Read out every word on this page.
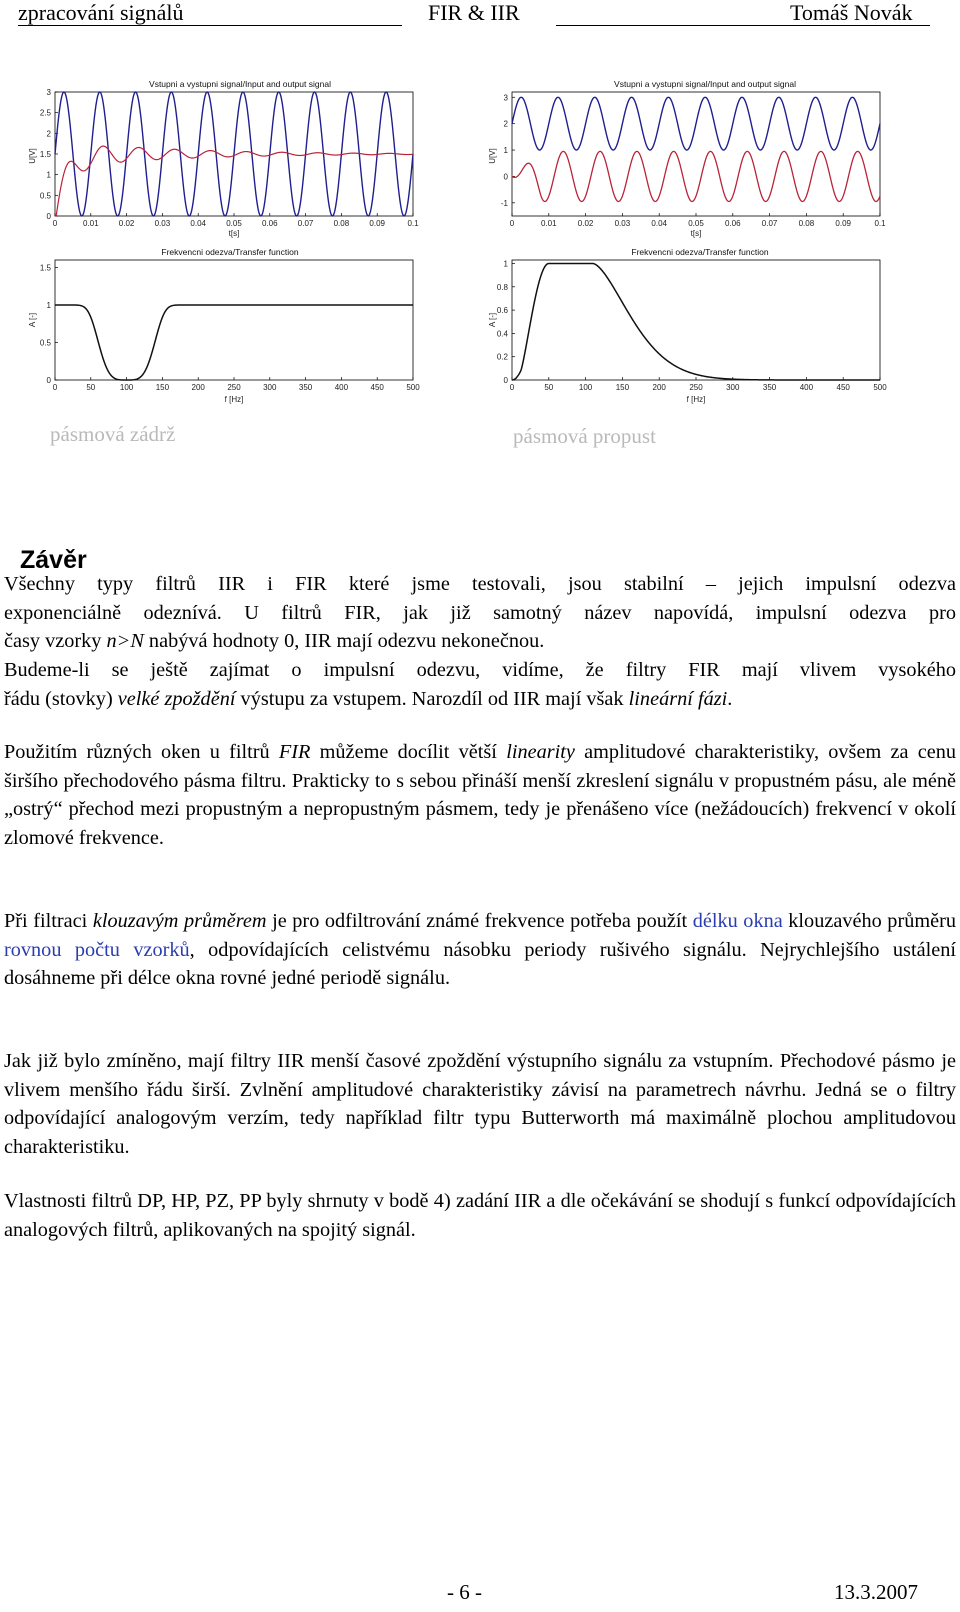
zpracování signálů	FIR & IIR	Tomáš Novák
Vstupni a vystupni signal/Input and output signal
0
0.5
1
1.5
2
2.5
3
0	0.01	0.02	0.03	0.04	0.05	0.06	0.07	0.08	0.09	0.1
U[V]
t[s]
Frekvencni odezva/Transfer function
0
0.5
1
1.5
0	50	100	150	200	250	300	350	400	450	500
A [-]
f [Hz]
pásmová zádrž
Vstupni a vystupni signal/Input and output signal
-1
0
1
2
3
0	0.01	0.02	0.03	0.04	0.05	0.06	0.07	0.08	0.09	0.1
U[V]
t[s]
Frekvencni odezva/Transfer function
0
0.2
0.4
0.6
0.8
1
0	50	100	150	200	250	300	350	400	450	500
A [-]
f [Hz]
pásmová propust
Závěr
Všechny typy filtrů IIR i FIR které jsme testovali, jsou stabilní – jejich impulsní odezva
exponenciálně odeznívá. U filtrů FIR, jak již samotný název napovídá, impulsní odezva pro
časy vzorky n>N nabývá hodnoty 0, IIR mají odezvu nekonečnou.
Budeme-li se ještě zajímat o impulsní odezvu, vidíme, že filtry FIR mají vlivem vysokého
řádu (stovky) velké zpoždění výstupu za vstupem. Narozdíl od IIR mají však lineární fázi.
Použitím různých oken u filtrů FIR můžeme docílit větší linearity amplitudové charakteristiky, ovšem za cenu širšího přechodového pásma filtru. Prakticky to s sebou přináší menší zkreslení signálu v propustném pásu, ale méně „ostrý“ přechod mezi propustným a nepropustným pásmem, tedy je přenášeno více (nežádoucích) frekvencí v okolí zlomové frekvence.
Při filtraci klouzavým průměrem je pro odfiltrování známé frekvence potřeba použít délku okna klouzavého průměru rovnou počtu vzorků, odpovídajících celistvému násobku periody rušivého signálu. Nejrychlejšího ustálení dosáhneme při délce okna rovné jedné periodě signálu.
Jak již bylo zmíněno, mají filtry IIR menší časové zpoždění výstupního signálu za vstupním. Přechodové pásmo je vlivem menšího řádu širší. Zvlnění amplitudové charakteristiky závisí na parametrech návrhu. Jedná se o filtry odpovídající analogovým verzím, tedy například filtr typu Butterworth má maximálně plochou amplitudovou charakteristiku.
Vlastnosti filtrů DP, HP, PZ, PP byly shrnuty v bodě 4) zadání IIR a dle očekávání se shodují s funkcí odpovídajících analogových filtrů, aplikovaných na spojitý signál.
- 6 -	13.3.2007
